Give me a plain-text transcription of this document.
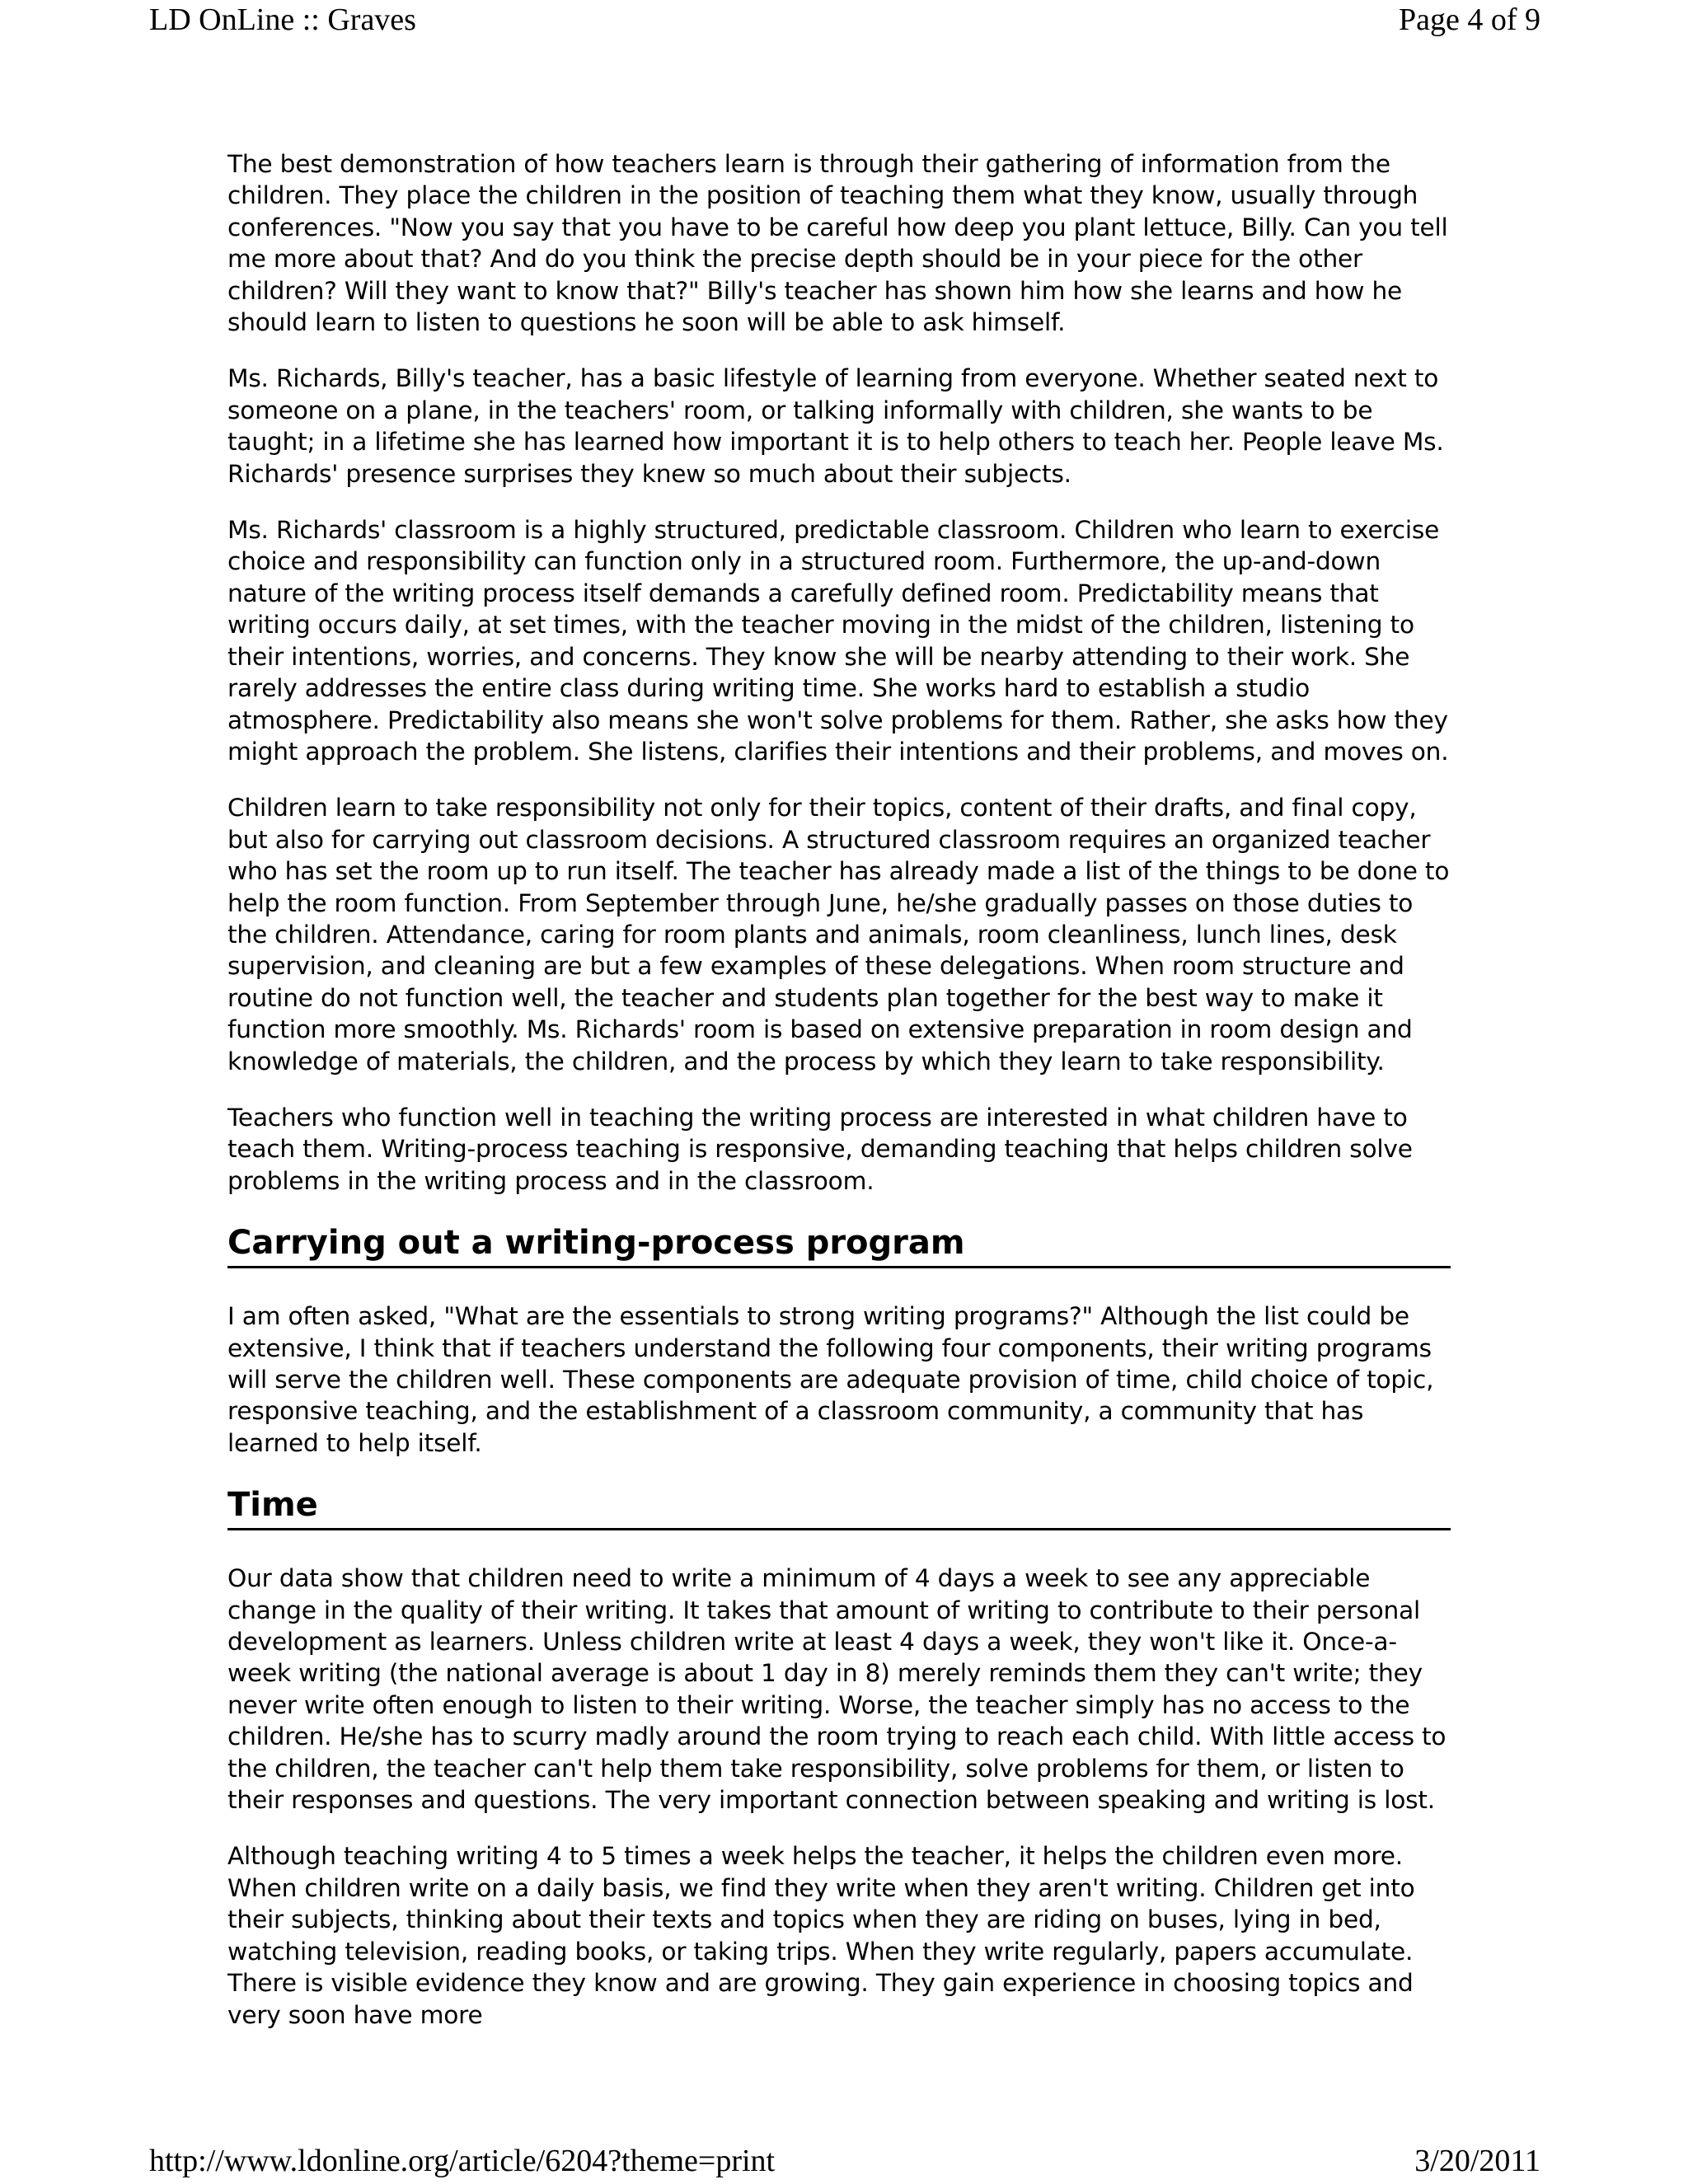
LD OnLine :: Graves	Page 4 of 9

The best demonstration of how teachers learn is through their gathering of information from the children. They place the children in the position of teaching them what they know, usually through conferences. "Now you say that you have to be careful how deep you plant lettuce, Billy. Can you tell me more about that? And do you think the precise depth should be in your piece for the other children? Will they want to know that?" Billy's teacher has shown him how she learns and how he should learn to listen to questions he soon will be able to ask himself.

Ms. Richards, Billy's teacher, has a basic lifestyle of learning from everyone. Whether seated next to someone on a plane, in the teachers' room, or talking informally with children, she wants to be taught; in a lifetime she has learned how important it is to help others to teach her. People leave Ms. Richards' presence surprises they knew so much about their subjects.

Ms. Richards' classroom is a highly structured, predictable classroom. Children who learn to exercise choice and responsibility can function only in a structured room. Furthermore, the up-and-down nature of the writing process itself demands a carefully defined room. Predictability means that writing occurs daily, at set times, with the teacher moving in the midst of the children, listening to their intentions, worries, and concerns. They know she will be nearby attending to their work. She rarely addresses the entire class during writing time. She works hard to establish a studio atmosphere. Predictability also means she won't solve problems for them. Rather, she asks how they might approach the problem. She listens, clarifies their intentions and their problems, and moves on.

Children learn to take responsibility not only for their topics, content of their drafts, and final copy, but also for carrying out classroom decisions. A structured classroom requires an organized teacher who has set the room up to run itself. The teacher has already made a list of the things to be done to help the room function. From September through June, he/she gradually passes on those duties to the children. Attendance, caring for room plants and animals, room cleanliness, lunch lines, desk supervision, and cleaning are but a few examples of these delegations. When room structure and routine do not function well, the teacher and students plan together for the best way to make it function more smoothly. Ms. Richards' room is based on extensive preparation in room design and knowledge of materials, the children, and the process by which they learn to take responsibility.

Teachers who function well in teaching the writing process are interested in what children have to teach them. Writing-process teaching is responsive, demanding teaching that helps children solve problems in the writing process and in the classroom.

Carrying out a writing-process program

I am often asked, "What are the essentials to strong writing programs?" Although the list could be extensive, I think that if teachers understand the following four components, their writing programs will serve the children well. These components are adequate provision of time, child choice of topic, responsive teaching, and the establishment of a classroom community, a community that has learned to help itself.

Time

Our data show that children need to write a minimum of 4 days a week to see any appreciable change in the quality of their writing. It takes that amount of writing to contribute to their personal development as learners. Unless children write at least 4 days a week, they won't like it. Once-a-week writing (the national average is about 1 day in 8) merely reminds them they can't write; they never write often enough to listen to their writing. Worse, the teacher simply has no access to the children. He/she has to scurry madly around the room trying to reach each child. With little access to the children, the teacher can't help them take responsibility, solve problems for them, or listen to their responses and questions. The very important connection between speaking and writing is lost.

Although teaching writing 4 to 5 times a week helps the teacher, it helps the children even more. When children write on a daily basis, we find they write when they aren't writing. Children get into their subjects, thinking about their texts and topics when they are riding on buses, lying in bed, watching television, reading books, or taking trips. When they write regularly, papers accumulate. There is visible evidence they know and are growing. They gain experience in choosing topics and very soon have more

http://www.ldonline.org/article/6204?theme=print	3/20/2011
